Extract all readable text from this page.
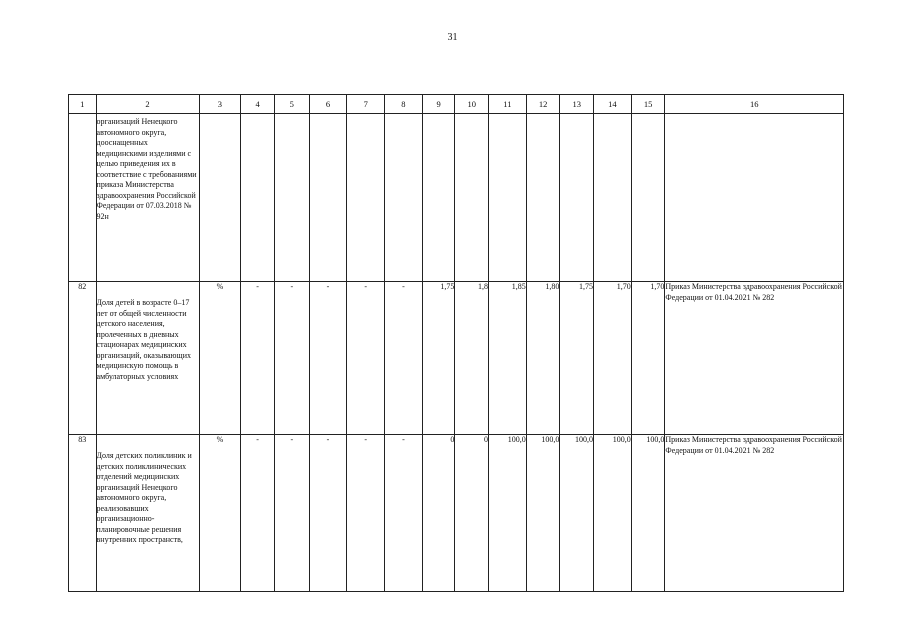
31
1	2	3	4	5	6	7	8	9	10	11	12	13	14	15	16

	организаций Ненецкого автономного округа, дооснащенных медицинскими изделиями с целью приведения их в соответствие с требованиями приказа Министерства здравоохранения Российской Федерации от 07.03.2018 № 92н														

82	Доля детей в возрасте 0–17 лет от общей численности детского населения, пролеченных в дневных стационарах медицинских организаций, оказывающих медицинскую помощь в амбулаторных условиях	%	-	-	-	-	-	1,75	1,8	1,85	1,80	1,75	1,70	1,70	Приказ Министерства здравоохранения Российской Федерации от 01.04.2021 № 282
83	Доля детских поликлиник и детских поликлинических отделений медицинских организаций Ненецкого автономного округа, реализовавших организационно-планировочные решения внутренних пространств,	%	-	-	-	-	-	0	0	100,0	100,0	100,0	100,0	100,0	Приказ Министерства здравоохранения Российской Федерации от 01.04.2021 № 282
